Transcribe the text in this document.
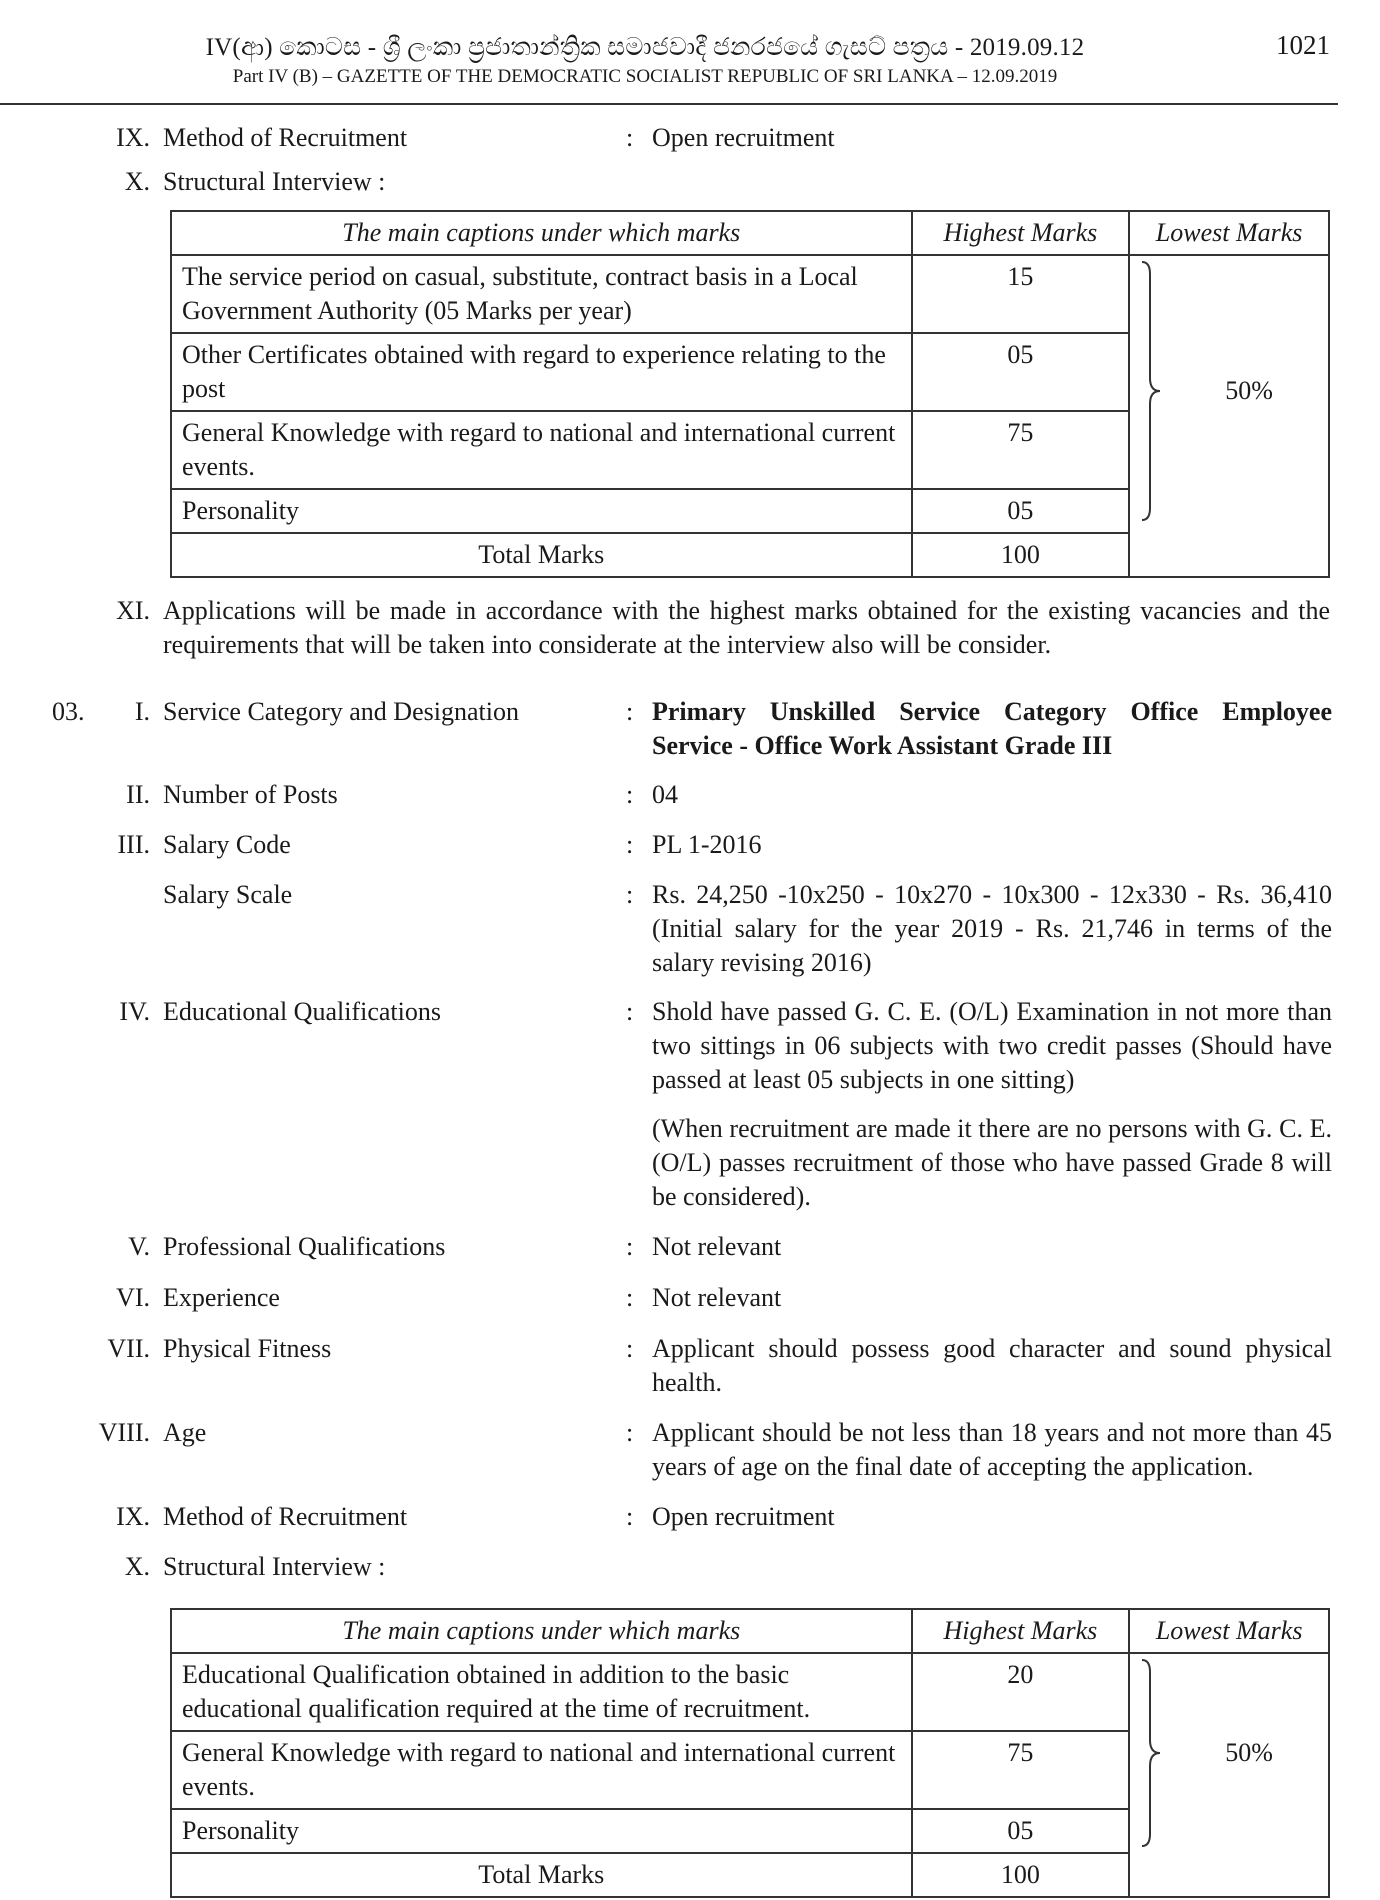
IV(ආ) කොටස - ශ්‍රී ලංකා ප්‍රජාතාන්ත්‍රික සමාජවාදී ජනරජයේ ගැසට් පත්‍රය - 2019.09.12
Part IV (B) – GAZETTE OF THE DEMOCRATIC SOCIALIST REPUBLIC OF SRI LANKA – 12.09.2019
1021
IX. Method of Recruitment	: Open recruitment
X. Structural Interview :
The main captions under which marks	Highest Marks	Lowest Marks
The service period on casual, substitute, contract basis in a Local Government Authority (05 Marks per year)	15	50%

Other Certificates obtained with regard to experience relating to the post	05	
General Knowledge with regard to national and international current events.	75	
Personality	05	
Total Marks	100	
XI. Applications will be made in accordance with the highest marks obtained for the existing vacancies and the requirements that will be taken into considerate at the interview also will be consider.
03.	I. Service Category and Designation	: Primary Unskilled Service Category Office Employee Service - Office Work Assistant Grade III
II. Number of Posts	: 04
III. Salary Code	: PL 1-2016
Salary Scale	: Rs. 24,250 -10x250 - 10x270 - 10x300 - 12x330 - Rs. 36,410 (Initial salary for the year 2019 - Rs. 21,746 in terms of the salary revising 2016)
IV. Educational Qualifications	: Shold have passed G. C. E. (O/L) Examination in not more than two sittings in 06 subjects with two credit passes (Should have passed at least 05 subjects in one sitting)
(When recruitment are made it there are no persons with G. C. E. (O/L) passes recruitment of those who have passed Grade 8 will be considered).
V. Professional Qualifications	: Not relevant
VI. Experience	: Not relevant
VII. Physical Fitness	: Applicant should possess good character and sound physical health.
VIII. Age	: Applicant should be not less than 18 years and not more than 45 years of age on the final date of accepting the application.
IX. Method of Recruitment	: Open recruitment
X. Structural Interview :
The main captions under which marks	Highest Marks	Lowest Marks
Educational Qualification obtained in addition to the basic educational qualification required at the time of recruitment.	20	50%

General Knowledge with regard to national and international current events.	75	
Personality	05	
Total Marks	100	
